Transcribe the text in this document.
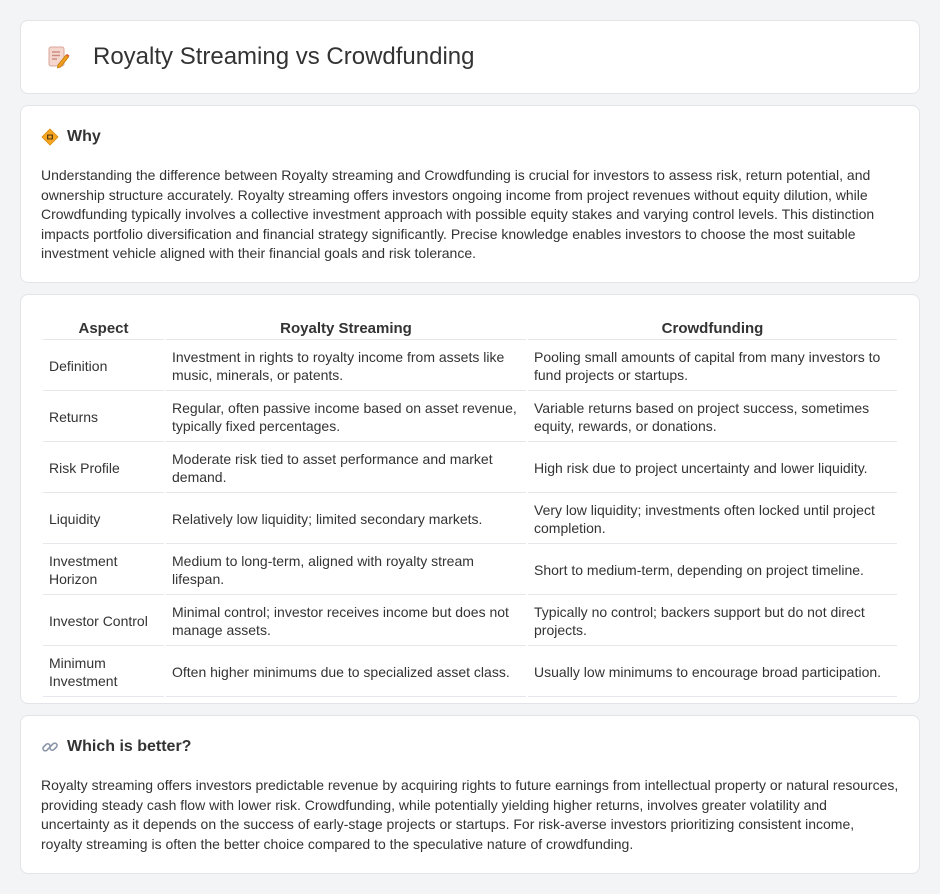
Royalty Streaming vs Crowdfunding
Why

Understanding the difference between Royalty streaming and Crowdfunding is crucial for investors to assess risk, return potential, and ownership structure accurately. Royalty streaming offers investors ongoing income from project revenues without equity dilution, while Crowdfunding typically involves a collective investment approach with possible equity stakes and varying control levels. This distinction impacts portfolio diversification and financial strategy significantly. Precise knowledge enables investors to choose the most suitable investment vehicle aligned with their financial goals and risk tolerance.

Aspect	Royalty Streaming	Crowdfunding
Definition	Investment in rights to royalty income from assets like music, minerals, or patents.	Pooling small amounts of capital from many investors to fund projects or startups.
Returns	Regular, often passive income based on asset revenue, typically fixed percentages.	Variable returns based on project success, sometimes equity, rewards, or donations.
Risk Profile	Moderate risk tied to asset performance and market demand.	High risk due to project uncertainty and lower liquidity.
Liquidity	Relatively low liquidity; limited secondary markets.	Very low liquidity; investments often locked until project completion.
Investment Horizon	Medium to long-term, aligned with royalty stream lifespan.	Short to medium-term, depending on project timeline.
Investor Control	Minimal control; investor receives income but does not manage assets.	Typically no control; backers support but do not direct projects.
Minimum Investment	Often higher minimums due to specialized asset class.	Usually low minimums to encourage broad participation.
Which is better?

Royalty streaming offers investors predictable revenue by acquiring rights to future earnings from intellectual property or natural resources, providing steady cash flow with lower risk. Crowdfunding, while potentially yielding higher returns, involves greater volatility and uncertainty as it depends on the success of early-stage projects or startups. For risk-averse investors prioritizing consistent income, royalty streaming is often the better choice compared to the speculative nature of crowdfunding.
